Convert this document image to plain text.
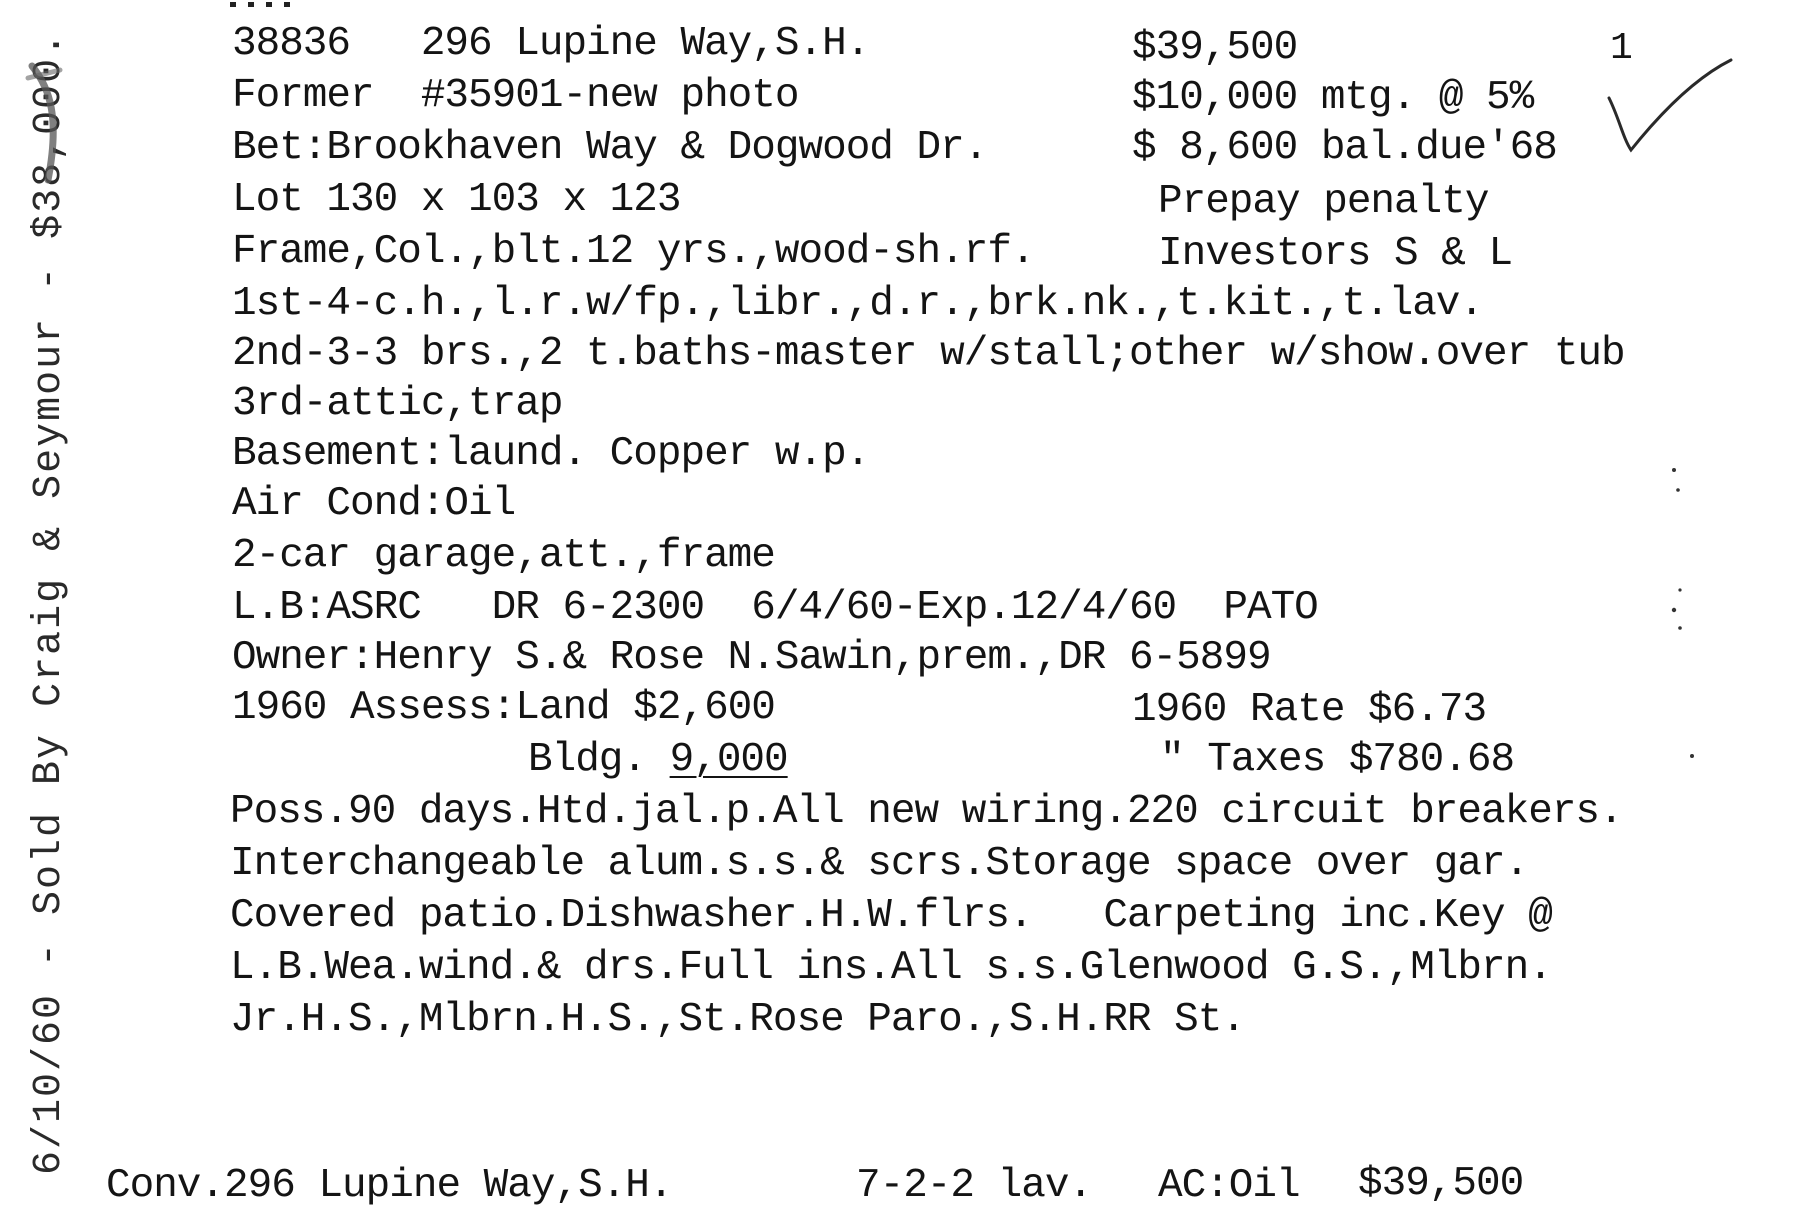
38836   296 Lupine Way,S.H.	$39,500	1
Former  #35901-new photo	$10,000 mtg. @ 5%
Bet:Brookhaven Way & Dogwood Dr.	$ 8,600 bal.due'68
Lot 130 x 103 x 123	Prepay penalty
Frame,Col.,blt.12 yrs.,wood-sh.rf.	Investors S & L
1st-4-c.h.,l.r.w/fp.,libr.,d.r.,brk.nk.,t.kit.,t.lav.
2nd-3-3 brs.,2 t.baths-master w/stall;other w/show.over tub
3rd-attic,trap
Basement:laund. Copper w.p.
Air Cond:Oil
2-car garage,att.,frame
L.B:ASRC   DR 6-2300  6/4/60-Exp.12/4/60  PATO
Owner:Henry S.& Rose N.Sawin,prem.,DR 6-5899
1960 Assess:Land $2,600	1960 Rate $6.73
Bldg. 9,000	" Taxes $780.68
Poss.90 days.Htd.jal.p.All new wiring.220 circuit breakers.
Interchangeable alum.s.s.& scrs.Storage space over gar.
Covered patio.Dishwasher.H.W.flrs.   Carpeting inc.Key @
L.B.Wea.wind.& drs.Full ins.All s.s.Glenwood G.S.,Mlbrn.
Jr.H.S.,Mlbrn.H.S.,St.Rose Paro.,S.H.RR St.
Conv.296 Lupine Way,S.H.	7-2-2 lav. AC:Oil $39,500
6/10/60 - Sold By Craig & Seymour - $38,000.
